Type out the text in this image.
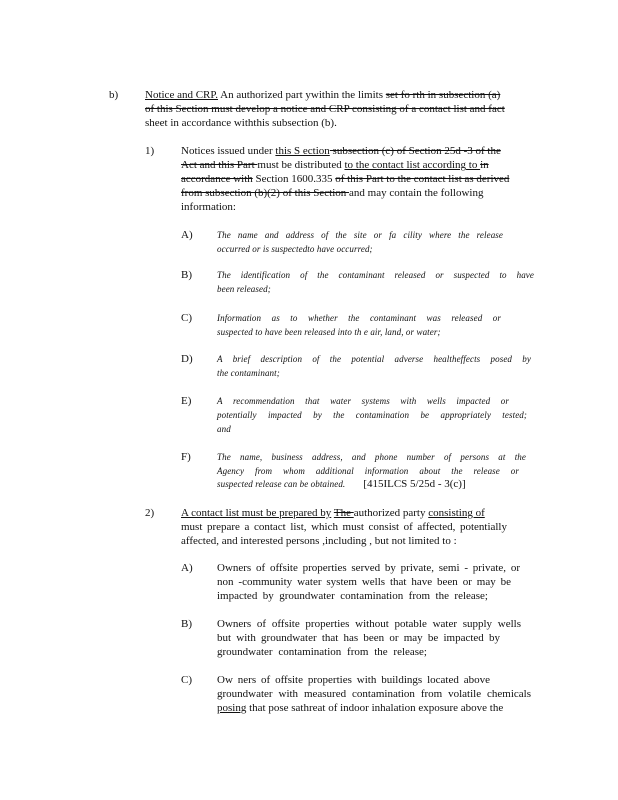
b) Notice and CRP. An authorized part ywithin the limits set fo rth in subsection (a)
of this Section must develop a notice and CRP consisting of a contact list and fact
sheet in accordance withthis subsection (b).
1) Notices issued under this S ection subsection (c) of Section 25d -3 of the
Act and this Part must be distributed to the contact list according to in
accordance with Section 1600.335 of this Part to the contact list as derived
from subsection (b)(2) of this Section and may contain the following
information:
A)	The name and address of the site or fa cility where the release
occurred or is suspectedto have occurred;
B)	The identification of the contaminant released or suspected to have
been released;
C)	Information as to whether the contaminant was released or
suspected to have been released into th e air, land, or water;
D)	A brief description of the potential adverse healtheffects posed by
the contaminant;
E)	A recommendation that water systems with wells impacted or
potentially impacted by the contamination be appropriately tested;
and
F)	The name, business address, and phone number of persons at the
Agency from whom additional information about the release or
suspected release can be obtained. [415ILCS 5/25d - 3(c)]
2) A contact list must be prepared by The authorized party consisting of
must prepare a contact list, which must consist of affected, potentially
affected, and interested persons ,including , but not limited to :
A) Owners of offsite properties served by private, semi - private, or
non -community water system wells that have been or may be
impacted by groundwater contamination from the release;
B) Owners of offsite properties without potable water supply wells
but with groundwater that has been or may be impacted by
groundwater contamination from the release;
C) Ow ners of offsite properties with buildings located above
groundwater with measured contamination from volatile chemicals
posing that pose sathreat of indoor inhalation exposure above the
